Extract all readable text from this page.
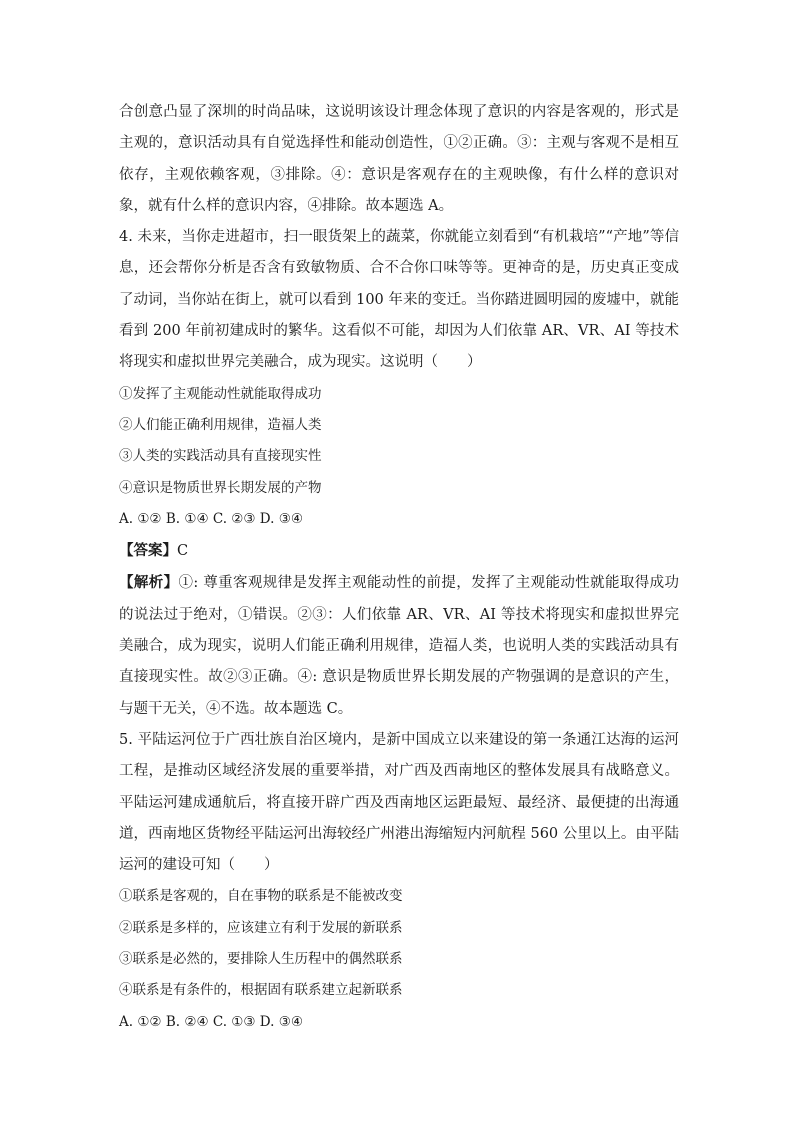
合创意凸显了深圳的时尚品味，这说明该设计理念体现了意识的内容是客观的，形式是主观的，意识活动具有自觉选择性和能动创造性，①②正确。③：主观与客观不是相互依存，主观依赖客观，③排除。④：意识是客观存在的主观映像，有什么样的意识对象，就有什么样的意识内容，④排除。故本题选 A。

4. 未来，当你走进超市，扫一眼货架上的蔬菜，你就能立刻看到“有机栽培”“产地”等信息，还会帮你分析是否含有致敏物质、合不合你口味等等。更神奇的是，历史真正变成了动词，当你站在街上，就可以看到 100 年来的变迁。当你踏进圆明园的废墟中，就能看到 200 年前初建成时的繁华。这看似不可能，却因为人们依靠 AR、VR、AI 等技术将现实和虚拟世界完美融合，成为现实。这说明（　　）

①发挥了主观能动性就能取得成功

②人们能正确利用规律，造福人类

③人类的实践活动具有直接现实性

④意识是物质世界长期发展的产物

A. ①② B. ①④ C. ②③ D. ③④

【答案】C

【解析】①: 尊重客观规律是发挥主观能动性的前提，发挥了主观能动性就能取得成功的说法过于绝对，①错误。②③：人们依靠 AR、VR、AI 等技术将现实和虚拟世界完美融合，成为现实，说明人们能正确利用规律，造福人类，也说明人类的实践活动具有直接现实性。故②③正确。④: 意识是物质世界长期发展的产物强调的是意识的产生，与题干无关，④不选。故本题选 C。

5. 平陆运河位于广西壮族自治区境内，是新中国成立以来建设的第一条通江达海的运河工程，是推动区域经济发展的重要举措，对广西及西南地区的整体发展具有战略意义。平陆运河建成通航后，将直接开辟广西及西南地区运距最短、最经济、最便捷的出海通道，西南地区货物经平陆运河出海较经广州港出海缩短内河航程 560 公里以上。由平陆运河的建设可知（　　）

①联系是客观的，自在事物的联系是不能被改变

②联系是多样的，应该建立有利于发展的新联系

③联系是必然的，要排除人生历程中的偶然联系

④联系是有条件的，根据固有联系建立起新联系

A. ①② B. ②④ C. ①③ D. ③④
